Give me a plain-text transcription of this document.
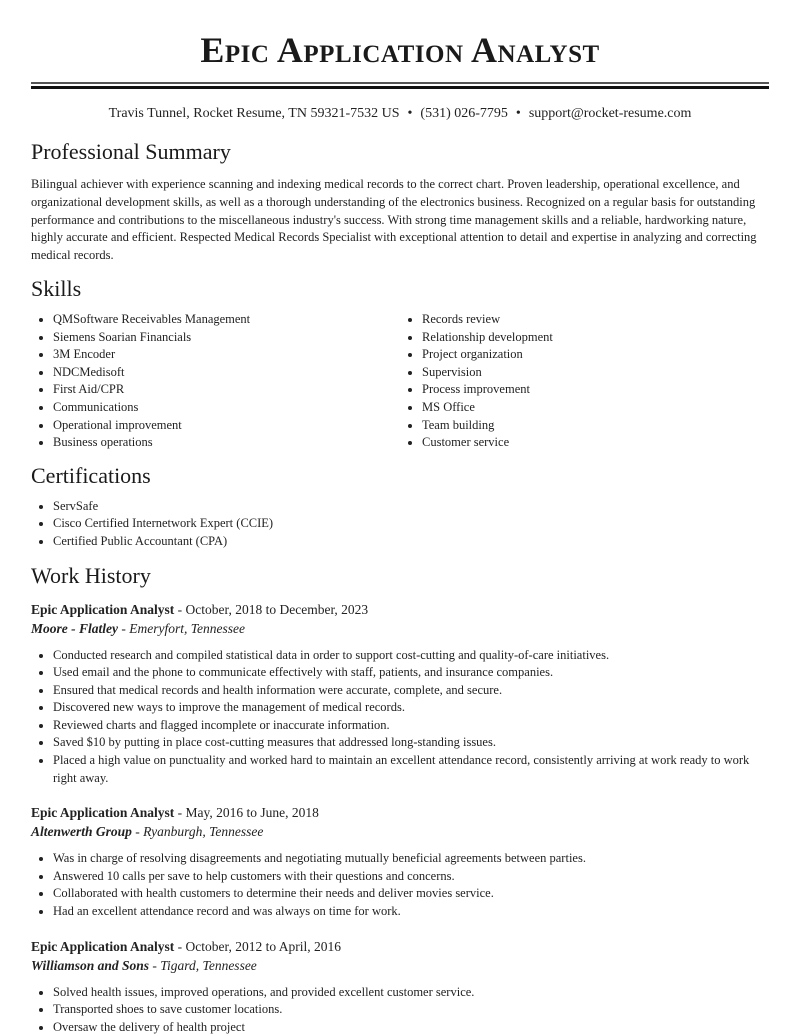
Epic Application Analyst
Travis Tunnel, Rocket Resume, TN 59321-7532 US • (531) 026-7795 • support@rocket-resume.com
Professional Summary

Bilingual achiever with experience scanning and indexing medical records to the correct chart. Proven leadership, operational excellence, and organizational development skills, as well as a thorough understanding of the electronics business. Recognized on a regular basis for outstanding performance and contributions to the miscellaneous industry's success. With strong time management skills and a reliable, hardworking nature, highly accurate and efficient. Respected Medical Records Specialist with exceptional attention to detail and expertise in analyzing and correcting medical records.

Skills
• QMSoftware Receivables Management
• Siemens Soarian Financials
• 3M Encoder
• NDCMedisoft
• First Aid/CPR
• Communications
• Operational improvement
• Business operations
• Records review
• Relationship development
• Project organization
• Supervision
• Process improvement
• MS Office
• Team building
• Customer service
Certifications
• ServSafe
• Cisco Certified Internetwork Expert (CCIE)
• Certified Public Accountant (CPA)
Work History
Epic Application Analyst - October, 2018 to December, 2023
Moore - Flatley - Emeryfort, Tennessee
• Conducted research and compiled statistical data in order to support cost-cutting and quality-of-care initiatives.
• Used email and the phone to communicate effectively with staff, patients, and insurance companies.
• Ensured that medical records and health information were accurate, complete, and secure.
• Discovered new ways to improve the management of medical records.
• Reviewed charts and flagged incomplete or inaccurate information.
• Saved $10 by putting in place cost-cutting measures that addressed long-standing issues.
• Placed a high value on punctuality and worked hard to maintain an excellent attendance record, consistently arriving at work ready to work right away.
Epic Application Analyst - May, 2016 to June, 2018
Altenwerth Group - Ryanburgh, Tennessee
• Was in charge of resolving disagreements and negotiating mutually beneficial agreements between parties.
• Answered 10 calls per save to help customers with their questions and concerns.
• Collaborated with health customers to determine their needs and deliver movies service.
• Had an excellent attendance record and was always on time for work.
Epic Application Analyst - October, 2012 to April, 2016
Williamson and Sons - Tigard, Tennessee
• Solved health issues, improved operations, and provided excellent customer service.
• Transported shoes to save customer locations.
• Oversaw the delivery of health project
